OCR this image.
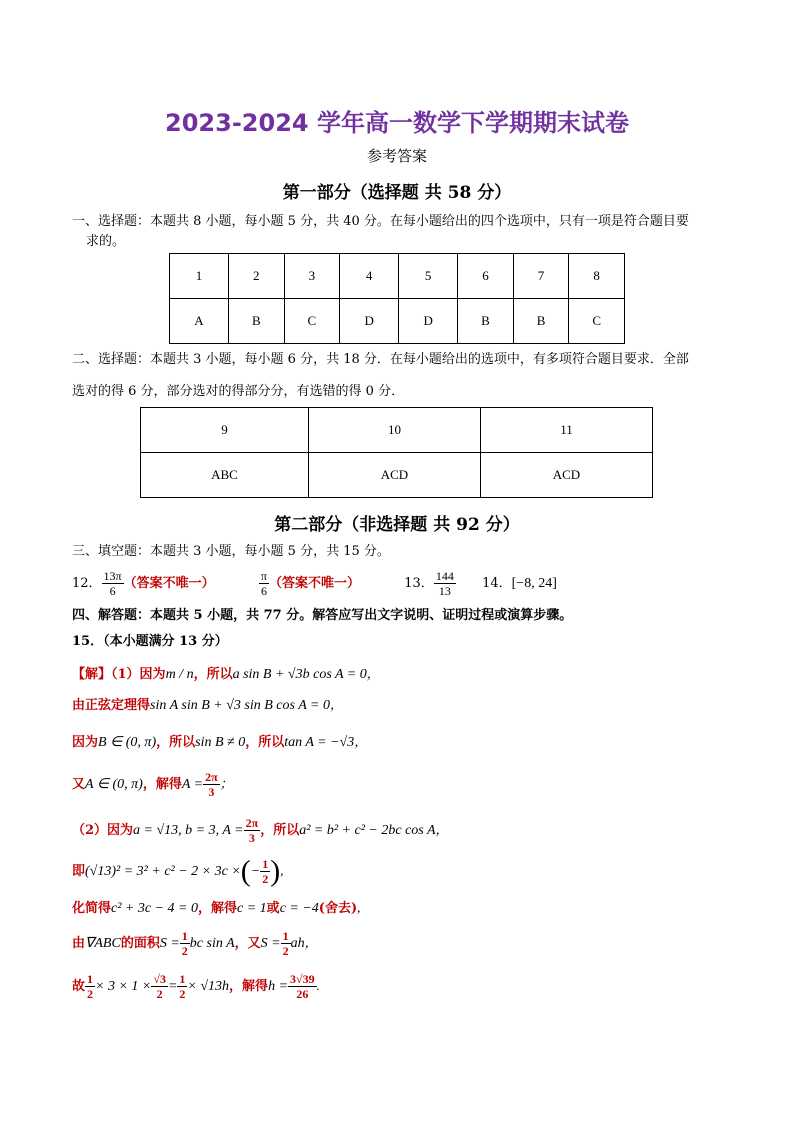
2023-2024 学年高一数学下学期期末试卷
参考答案
第一部分（选择题 共 58 分）
一、选择题：本题共 8 小题，每小题 5 分，共 40 分。在每小题给出的四个选项中，只有一项是符合题目要
求的。
1	2	3	4	5	6	7	8
A	B	C	D	D	B	B	C
二、选择题：本题共 3 小题，每小题 6 分，共 18 分．在每小题给出的选项中，有多项符合题目要求．全部
选对的得 6 分，部分选对的得部分分，有选错的得 0 分．
9	10	11
ABC	ACD	ACD
第二部分（非选择题 共 92 分）
三、填空题：本题共 3 小题，每小题 5 分，共 15 分。
12． $\frac{13\pi}{6}$ （答案不唯一）	$\frac{\pi}{6}$ （答案不唯一）	13． $\frac{144}{13} 14$．[−8, 24]
四、解答题：本题共 5 小题，共 77 分。解答应写出文字说明、证明过程或演算步骤。
15．（本小题满分 13 分）
【解】（1）因为m / n，所以a sin B + √3b cos A = 0，
由正弦定理得sin A sin B + √3 sin B cos A = 0，
因为B ∈ (0, π)，所以sin B ≠ 0，所以tan A = −√3，
又A ∈ (0, π)，解得$A = \frac{2\pi}{3}$ ；
（2）因为a = √13, b = 3, $A = \frac{2\pi}{3}$ ，所以a² = b² + c² − 2bc cos A，
即(√13)² = 3² + c² − 2 × 3c ×(− $\frac{1}{2}$ ),
化简得c² + 3c − 4 = 0，解得c = 1或c = −4(舍去),
由∇ABC的面积$S = \frac{1}{2}$ bc sin A，又$S = \frac{1}{2}$ ah，
故 $\frac{1}{2} \times 3 \times 1 \times \frac{√3}{2} = \frac{1}{2} \times √13h$，解得$h = \frac{3√39}{26}$ .
